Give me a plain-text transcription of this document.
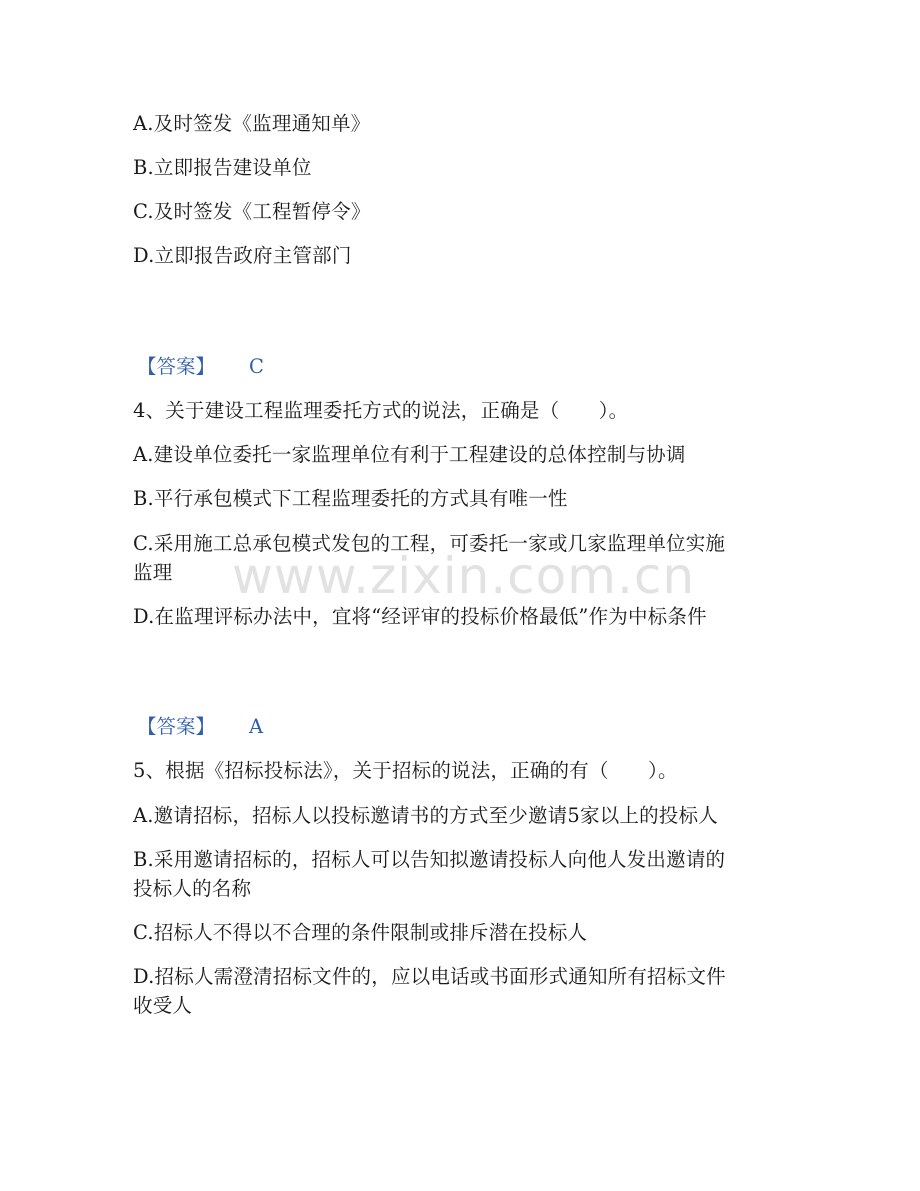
A.及时签发《监理通知单》
B.立即报告建设单位
C.及时签发《工程暂停令》
D.立即报告政府主管部门
【答案】 C
4、关于建设工程监理委托方式的说法，正确是（　　）。
A.建设单位委托一家监理单位有利于工程建设的总体控制与协调
B.平行承包模式下工程监理委托的方式具有唯一性
C.采用施工总承包模式发包的工程，可委托一家或几家监理单位实施
监理
D.在监理评标办法中，宜将“经评审的投标价格最低”作为中标条件
【答案】 A
5、根据《招标投标法》，关于招标的说法，正确的有（　　）。
A.邀请招标，招标人以投标邀请书的方式至少邀请5家以上的投标人
B.采用邀请招标的，招标人可以告知拟邀请投标人向他人发出邀请的
投标人的名称
C.招标人不得以不合理的条件限制或排斥潜在投标人
D.招标人需澄清招标文件的，应以电话或书面形式通知所有招标文件
收受人
www.zixin.com.cn
